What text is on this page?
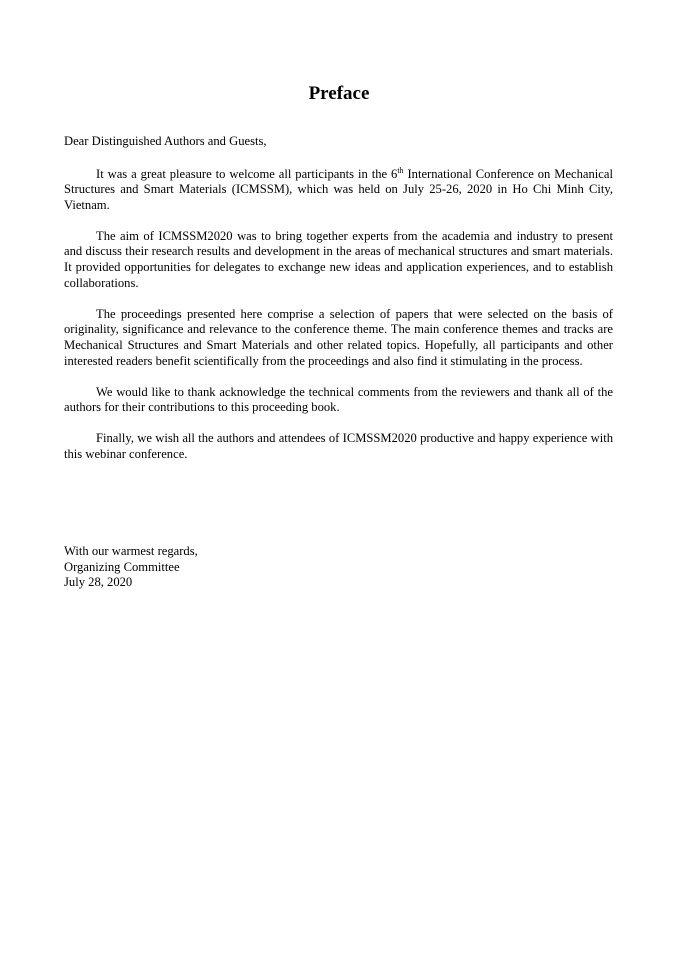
Preface

Dear Distinguished Authors and Guests,

It was a great pleasure to welcome all participants in the 6th International Conference on Mechanical Structures and Smart Materials (ICMSSM), which was held on July 25-26, 2020 in Ho Chi Minh City, Vietnam.

The aim of ICMSSM2020 was to bring together experts from the academia and industry to present and discuss their research results and development in the areas of mechanical structures and smart materials. It provided opportunities for delegates to exchange new ideas and application experiences, and to establish collaborations.

The proceedings presented here comprise a selection of papers that were selected on the basis of originality, significance and relevance to the conference theme. The main conference themes and tracks are Mechanical Structures and Smart Materials and other related topics. Hopefully, all participants and other interested readers benefit scientifically from the proceedings and also find it stimulating in the process.

We would like to thank acknowledge the technical comments from the reviewers and thank all of the authors for their contributions to this proceeding book.

Finally, we wish all the authors and attendees of ICMSSM2020 productive and happy experience with this webinar conference.

With our warmest regards,
Organizing Committee
July 28, 2020
